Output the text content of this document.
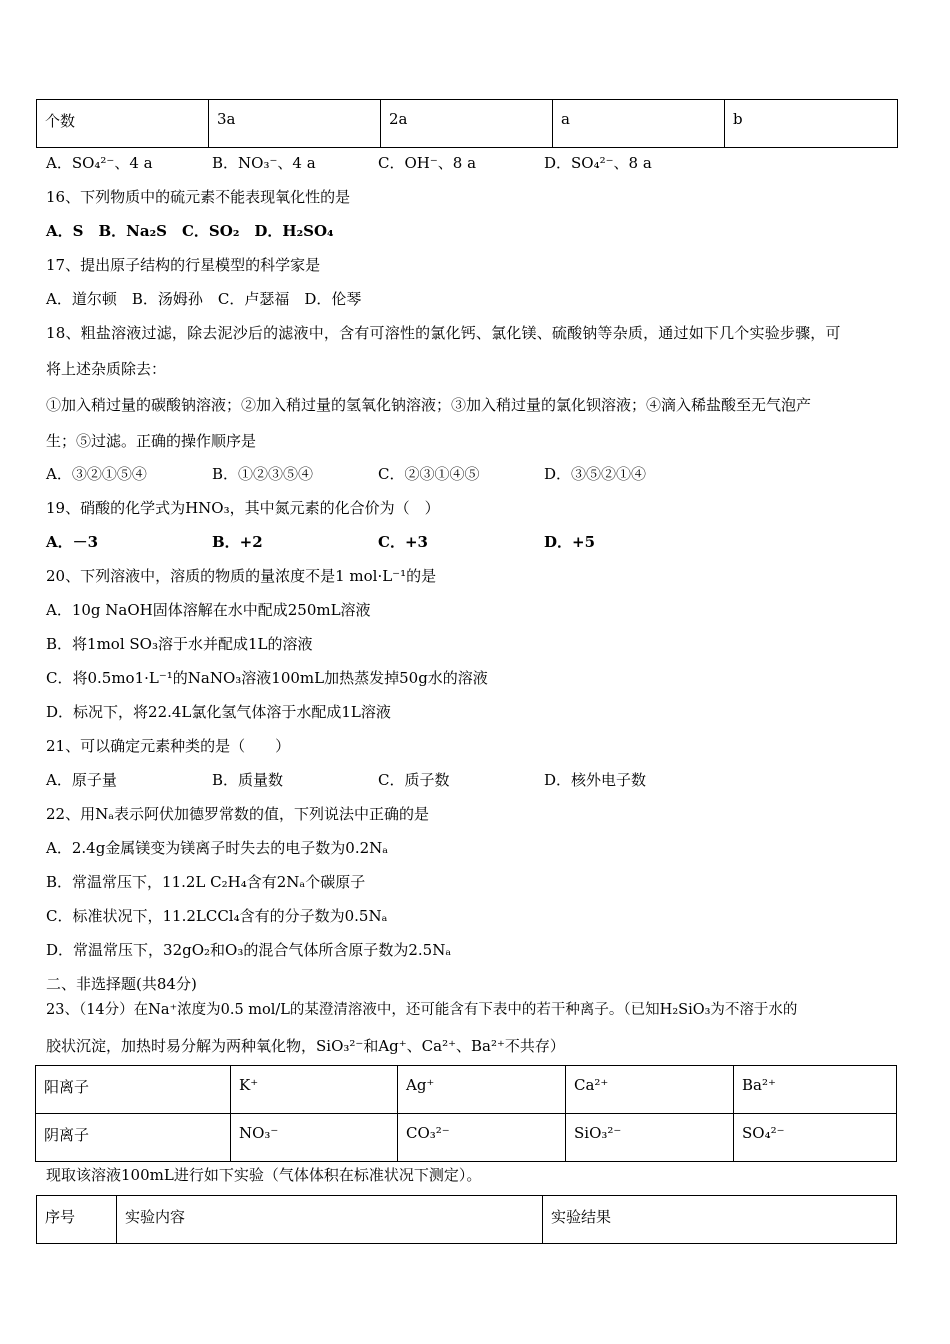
个数	3a	2a	a	b
A．SO₄²⁻、4 a	B．NO₃⁻、4 a	C．OH⁻、8 a	D．SO₄²⁻、8 a
16、下列物质中的硫元素不能表现氧化性的是
A．S　B．Na₂S　C．SO₂　D．H₂SO₄
17、提出原子结构的行星模型的科学家是
A．道尔顿　B．汤姆孙　C．卢瑟福　D．伦琴
18、粗盐溶液过滤，除去泥沙后的滤液中，含有可溶性的氯化钙、氯化镁、硫酸钠等杂质，通过如下几个实验步骤，可
将上述杂质除去：
①加入稍过量的碳酸钠溶液；②加入稍过量的氢氧化钠溶液；③加入稍过量的氯化钡溶液；④滴入稀盐酸至无气泡产
生；⑤过滤。正确的操作顺序是
A．③②①⑤④	B．①②③⑤④	C．②③①④⑤	D．③⑤②①④
19、硝酸的化学式为HNO₃，其中氮元素的化合价为（　）
A．－3	B．+2	C．+3	D．+5
20、下列溶液中，溶质的物质的量浓度不是1 mol·L⁻¹的是
A．10g NaOH固体溶解在水中配成250mL溶液
B．将1mol SO₃溶于水并配成1L的溶液
C．将0.5mo1·L⁻¹的NaNO₃溶液100mL加热蒸发掉50g水的溶液
D．标况下，将22.4L氯化氢气体溶于水配成1L溶液
21、可以确定元素种类的是（　　）
A．原子量	B．质量数	C．质子数	D．核外电子数
22、用Nₐ表示阿伏加德罗常数的值，下列说法中正确的是
A．2.4g金属镁变为镁离子时失去的电子数为0.2Nₐ
B．常温常压下，11.2L C₂H₄含有2Nₐ个碳原子
C．标准状况下，11.2LCCl₄含有的分子数为0.5Nₐ
D．常温常压下，32gO₂和O₃的混合气体所含原子数为2.5Nₐ
二、非选择题(共84分)
23、（14分）在Na⁺浓度为0.5 mol/L的某澄清溶液中，还可能含有下表中的若干种离子。（已知H₂SiO₃为不溶于水的
胶状沉淀，加热时易分解为两种氧化物，SiO₃²⁻和Ag⁺、Ca²⁺、Ba²⁺不共存）
阳离子	K⁺	Ag⁺	Ca²⁺	Ba²⁺
阴离子	NO₃⁻	CO₃²⁻	SiO₃²⁻	SO₄²⁻
现取该溶液100mL进行如下实验（气体体积在标准状况下测定）。
序号	实验内容	实验结果
